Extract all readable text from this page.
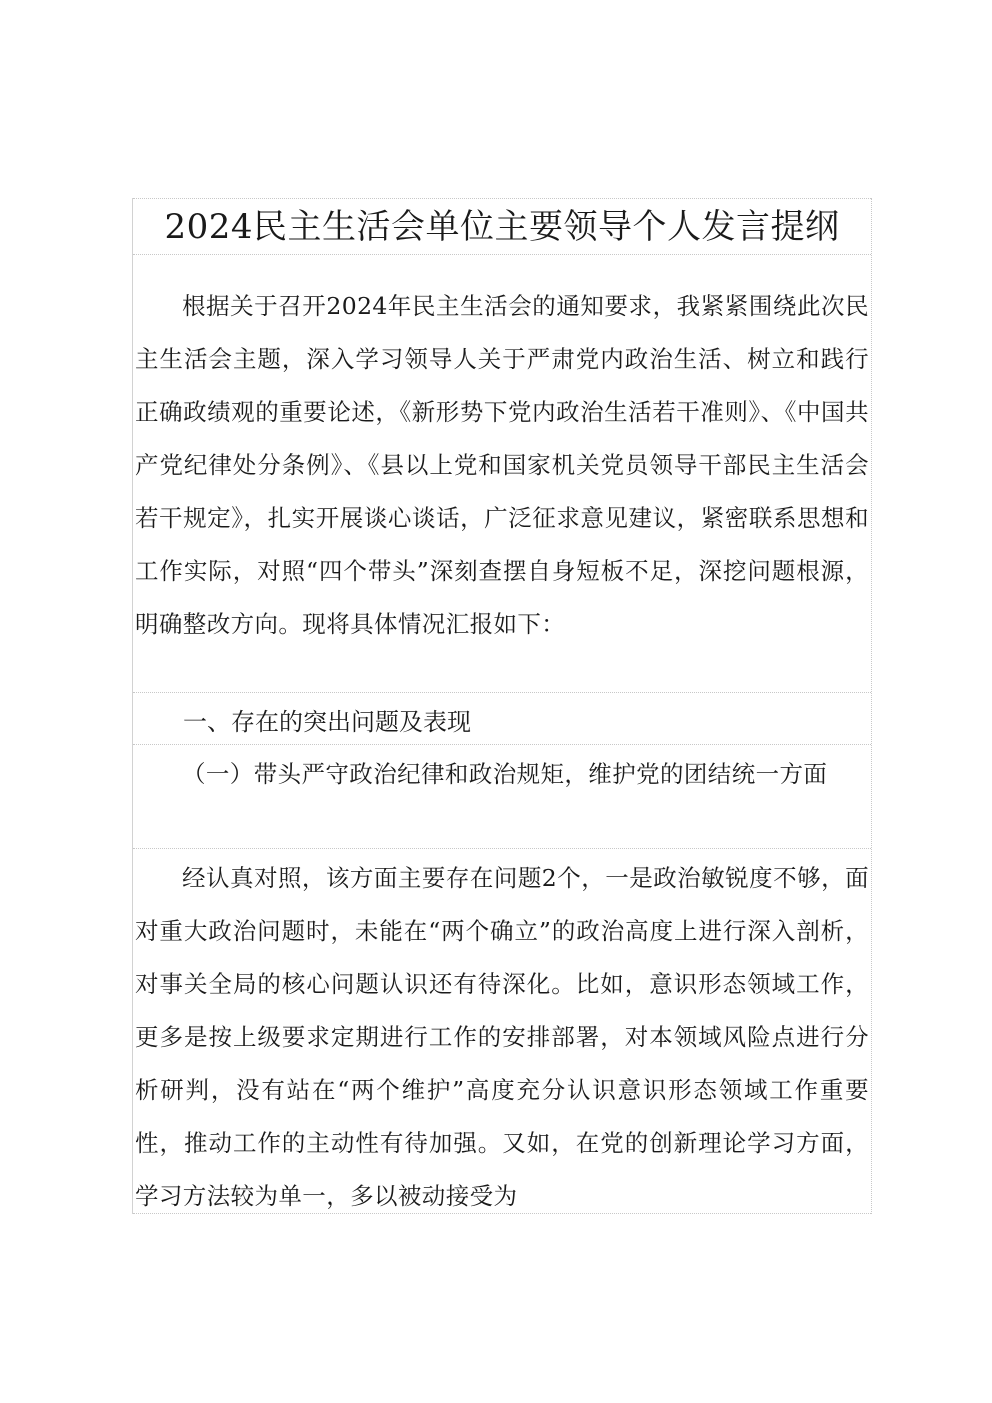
2024民主生活会单位主要领导个人发言提纲

根据关于召开2024年民主生活会的通知要求，我紧紧围绕此次民主生活会主题，深入学习领导人关于严肃党内政治生活、树立和践行正确政绩观的重要论述，《新形势下党内政治生活若干准则》、《中国共产党纪律处分条例》、《县以上党和国家机关党员领导干部民主生活会若干规定》，扎实开展谈心谈话，广泛征求意见建议，紧密联系思想和工作实际，对照“四个带头”深刻查摆自身短板不足，深挖问题根源，明确整改方向。现将具体情况汇报如下：

一、存在的突出问题及表现

（一）带头严守政治纪律和政治规矩，维护党的团结统一方面

经认真对照，该方面主要存在问题2个，一是政治敏锐度不够，面对重大政治问题时，未能在“两个确立”的政治高度上进行深入剖析，对事关全局的核心问题认识还有待深化。比如，意识形态领域工作，更多是按上级要求定期进行工作的安排部署，对本领域风险点进行分析研判，没有站在“两个维护”高度充分认识意识形态领域工作重要性，推动工作的主动性有待加强。又如，在党的创新理论学习方面，学习方法较为单一，多以被动接受为
